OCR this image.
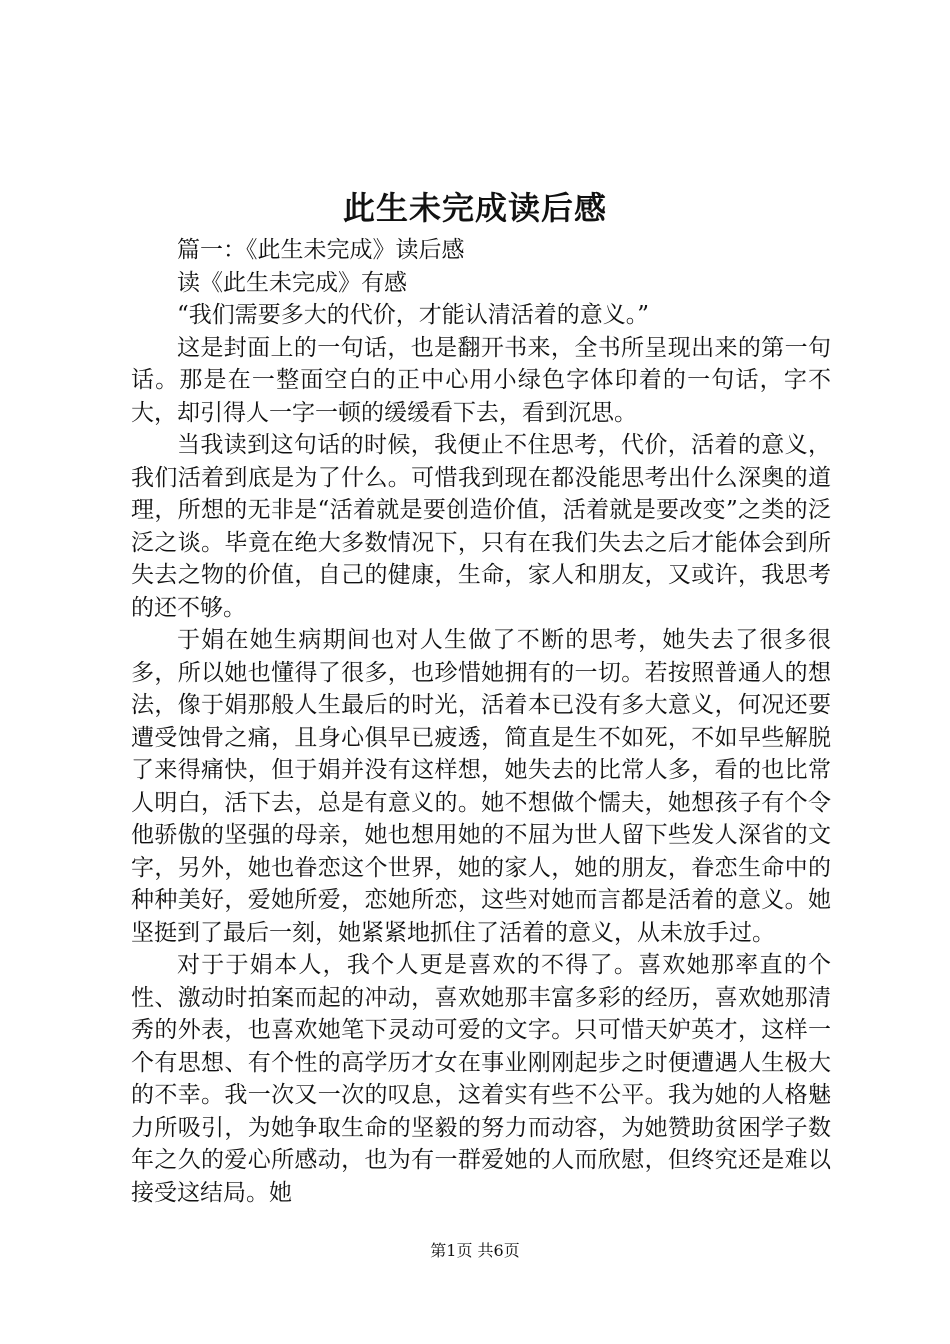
此生未完成读后感

篇一：《此生未完成》读后感

读《此生未完成》有感

“我们需要多大的代价，才能认清活着的意义。”

这是封面上的一句话，也是翻开书来，全书所呈现出来的第一句话。那是在一整面空白的正中心用小绿色字体印着的一句话，字不大，却引得人一字一顿的缓缓看下去，看到沉思。

当我读到这句话的时候，我便止不住思考，代价，活着的意义，我们活着到底是为了什么。可惜我到现在都没能思考出什么深奥的道理，所想的无非是“活着就是要创造价值，活着就是要改变”之类的泛泛之谈。毕竟在绝大多数情况下，只有在我们失去之后才能体会到所失去之物的价值，自己的健康，生命，家人和朋友，又或许，我思考的还不够。

于娟在她生病期间也对人生做了不断的思考，她失去了很多很多，所以她也懂得了很多，也珍惜她拥有的一切。若按照普通人的想法，像于娟那般人生最后的时光，活着本已没有多大意义，何况还要遭受蚀骨之痛，且身心俱早已疲透，简直是生不如死，不如早些解脱了来得痛快，但于娟并没有这样想，她失去的比常人多，看的也比常人明白，活下去，总是有意义的。她不想做个懦夫，她想孩子有个令他骄傲的坚强的母亲，她也想用她的不屈为世人留下些发人深省的文字，另外，她也眷恋这个世界，她的家人，她的朋友，眷恋生命中的种种美好，爱她所爱，恋她所恋，这些对她而言都是活着的意义。她坚挺到了最后一刻，她紧紧地抓住了活着的意义，从未放手过。

对于于娟本人，我个人更是喜欢的不得了。喜欢她那率直的个性、激动时拍案而起的冲动，喜欢她那丰富多彩的经历，喜欢她那清秀的外表，也喜欢她笔下灵动可爱的文字。只可惜天妒英才，这样一个有思想、有个性的高学历才女在事业刚刚起步之时便遭遇人生极大的不幸。我一次又一次的叹息，这着实有些不公平。我为她的人格魅力所吸引，为她争取生命的坚毅的努力而动容，为她赞助贫困学子数年之久的爱心所感动，也为有一群爱她的人而欣慰，但终究还是难以接受这结局。她

第1页 共6页
